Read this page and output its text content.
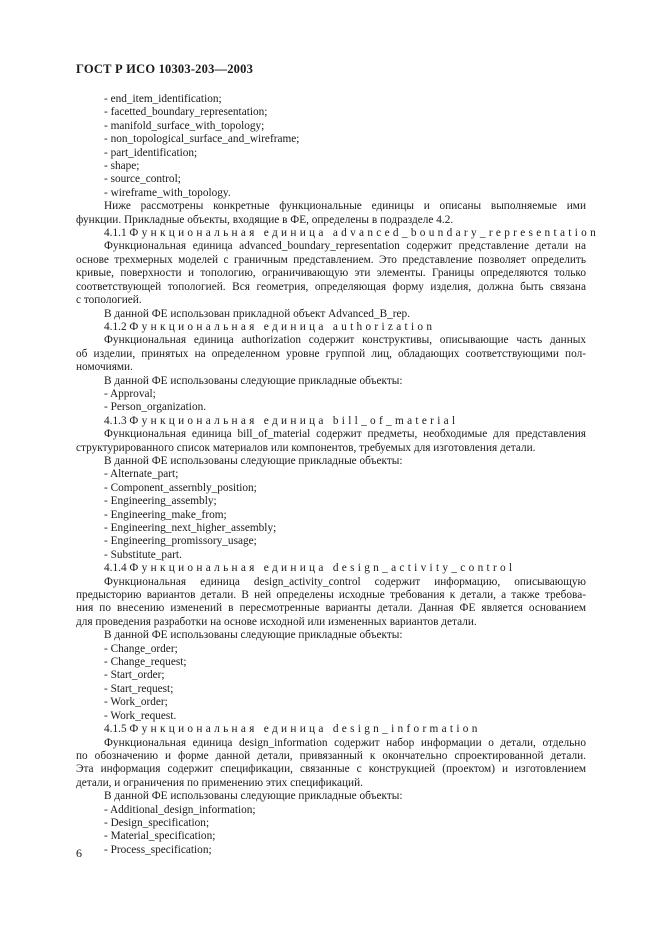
ГОСТ Р ИСО 10303-203—2003
- end_item_identification;
- facetted_boundary_representation;
- manifold_surface_with_topology;
- non_topological_surface_and_wireframe;
- part_identification;
- shape;
- source_control;
- wireframe_with_topology.
Ниже рассмотрены конкретные функциональные единицы и описаны выполняемые ими
функции. Прикладные объекты, входящие в ФЕ, определены в подразделе 4.2.
4.1.1 Функциональная единица advanced_boundary_representation
Функциональная единица advanced_boundary_representation содержит представление детали на
основе трехмерных моделей с граничным представлением. Это представление позволяет определить
кривые, поверхности и топологию, ограничивающую эти элементы. Границы определяются только
соответствующей топологией. Вся геометрия, определяющая форму изделия, должна быть связана
с топологией.
В данной ФЕ использован прикладной объект Advanced_B_rep.
4.1.2 Функциональная единица authorization
Функциональная единица authorization содержит конструктивы, описывающие часть данных
об изделии, принятых на определенном уровне группой лиц, обладающих соответствующими пол-
номочиями.
В данной ФЕ использованы следующие прикладные объекты:
- Approval;
- Person_organization.
4.1.3 Функциональная единица bill_of_material
Функциональная единица bill_of_material содержит предметы, необходимые для представления
структурированного список материалов или компонентов, требуемых для изготовления детали.
В данной ФЕ использованы следующие прикладные объекты:
- Alternate_part;
- Component_assernbly_position;
- Engineering_assembly;
- Engineering_make_from;
- Engineering_next_higher_assembly;
- Engineering_promissory_usage;
- Substitute_part.
4.1.4 Функциональная единица design_activity_control
Функциональная единица design_activity_control содержит информацию, описывающую
предысторию вариантов детали. В ней определены исходные требования к детали, а также требова-
ния по внесению изменений в пересмотренные варианты детали. Данная ФЕ является основанием
для проведения разработки на основе исходной или измененных вариантов детали.
В данной ФЕ использованы следующие прикладные объекты:
- Change_order;
- Change_request;
- Start_order;
- Start_request;
- Work_order;
- Work_request.
4.1.5 Функциональная единица design_information
Функциональная единица design_information содержит набор информации о детали, отдельно
по обозначению и форме данной детали, привязанный к окончательно спроектированной детали.
Эта информация содержит спецификации, связанные с конструкцией (проектом) и изготовлением
детали, и ограничения по применению этих спецификаций.
В данной ФЕ использованы следующие прикладные объекты:
- Additional_design_information;
- Design_specification;
- Material_specification;
- Process_specification;
6
